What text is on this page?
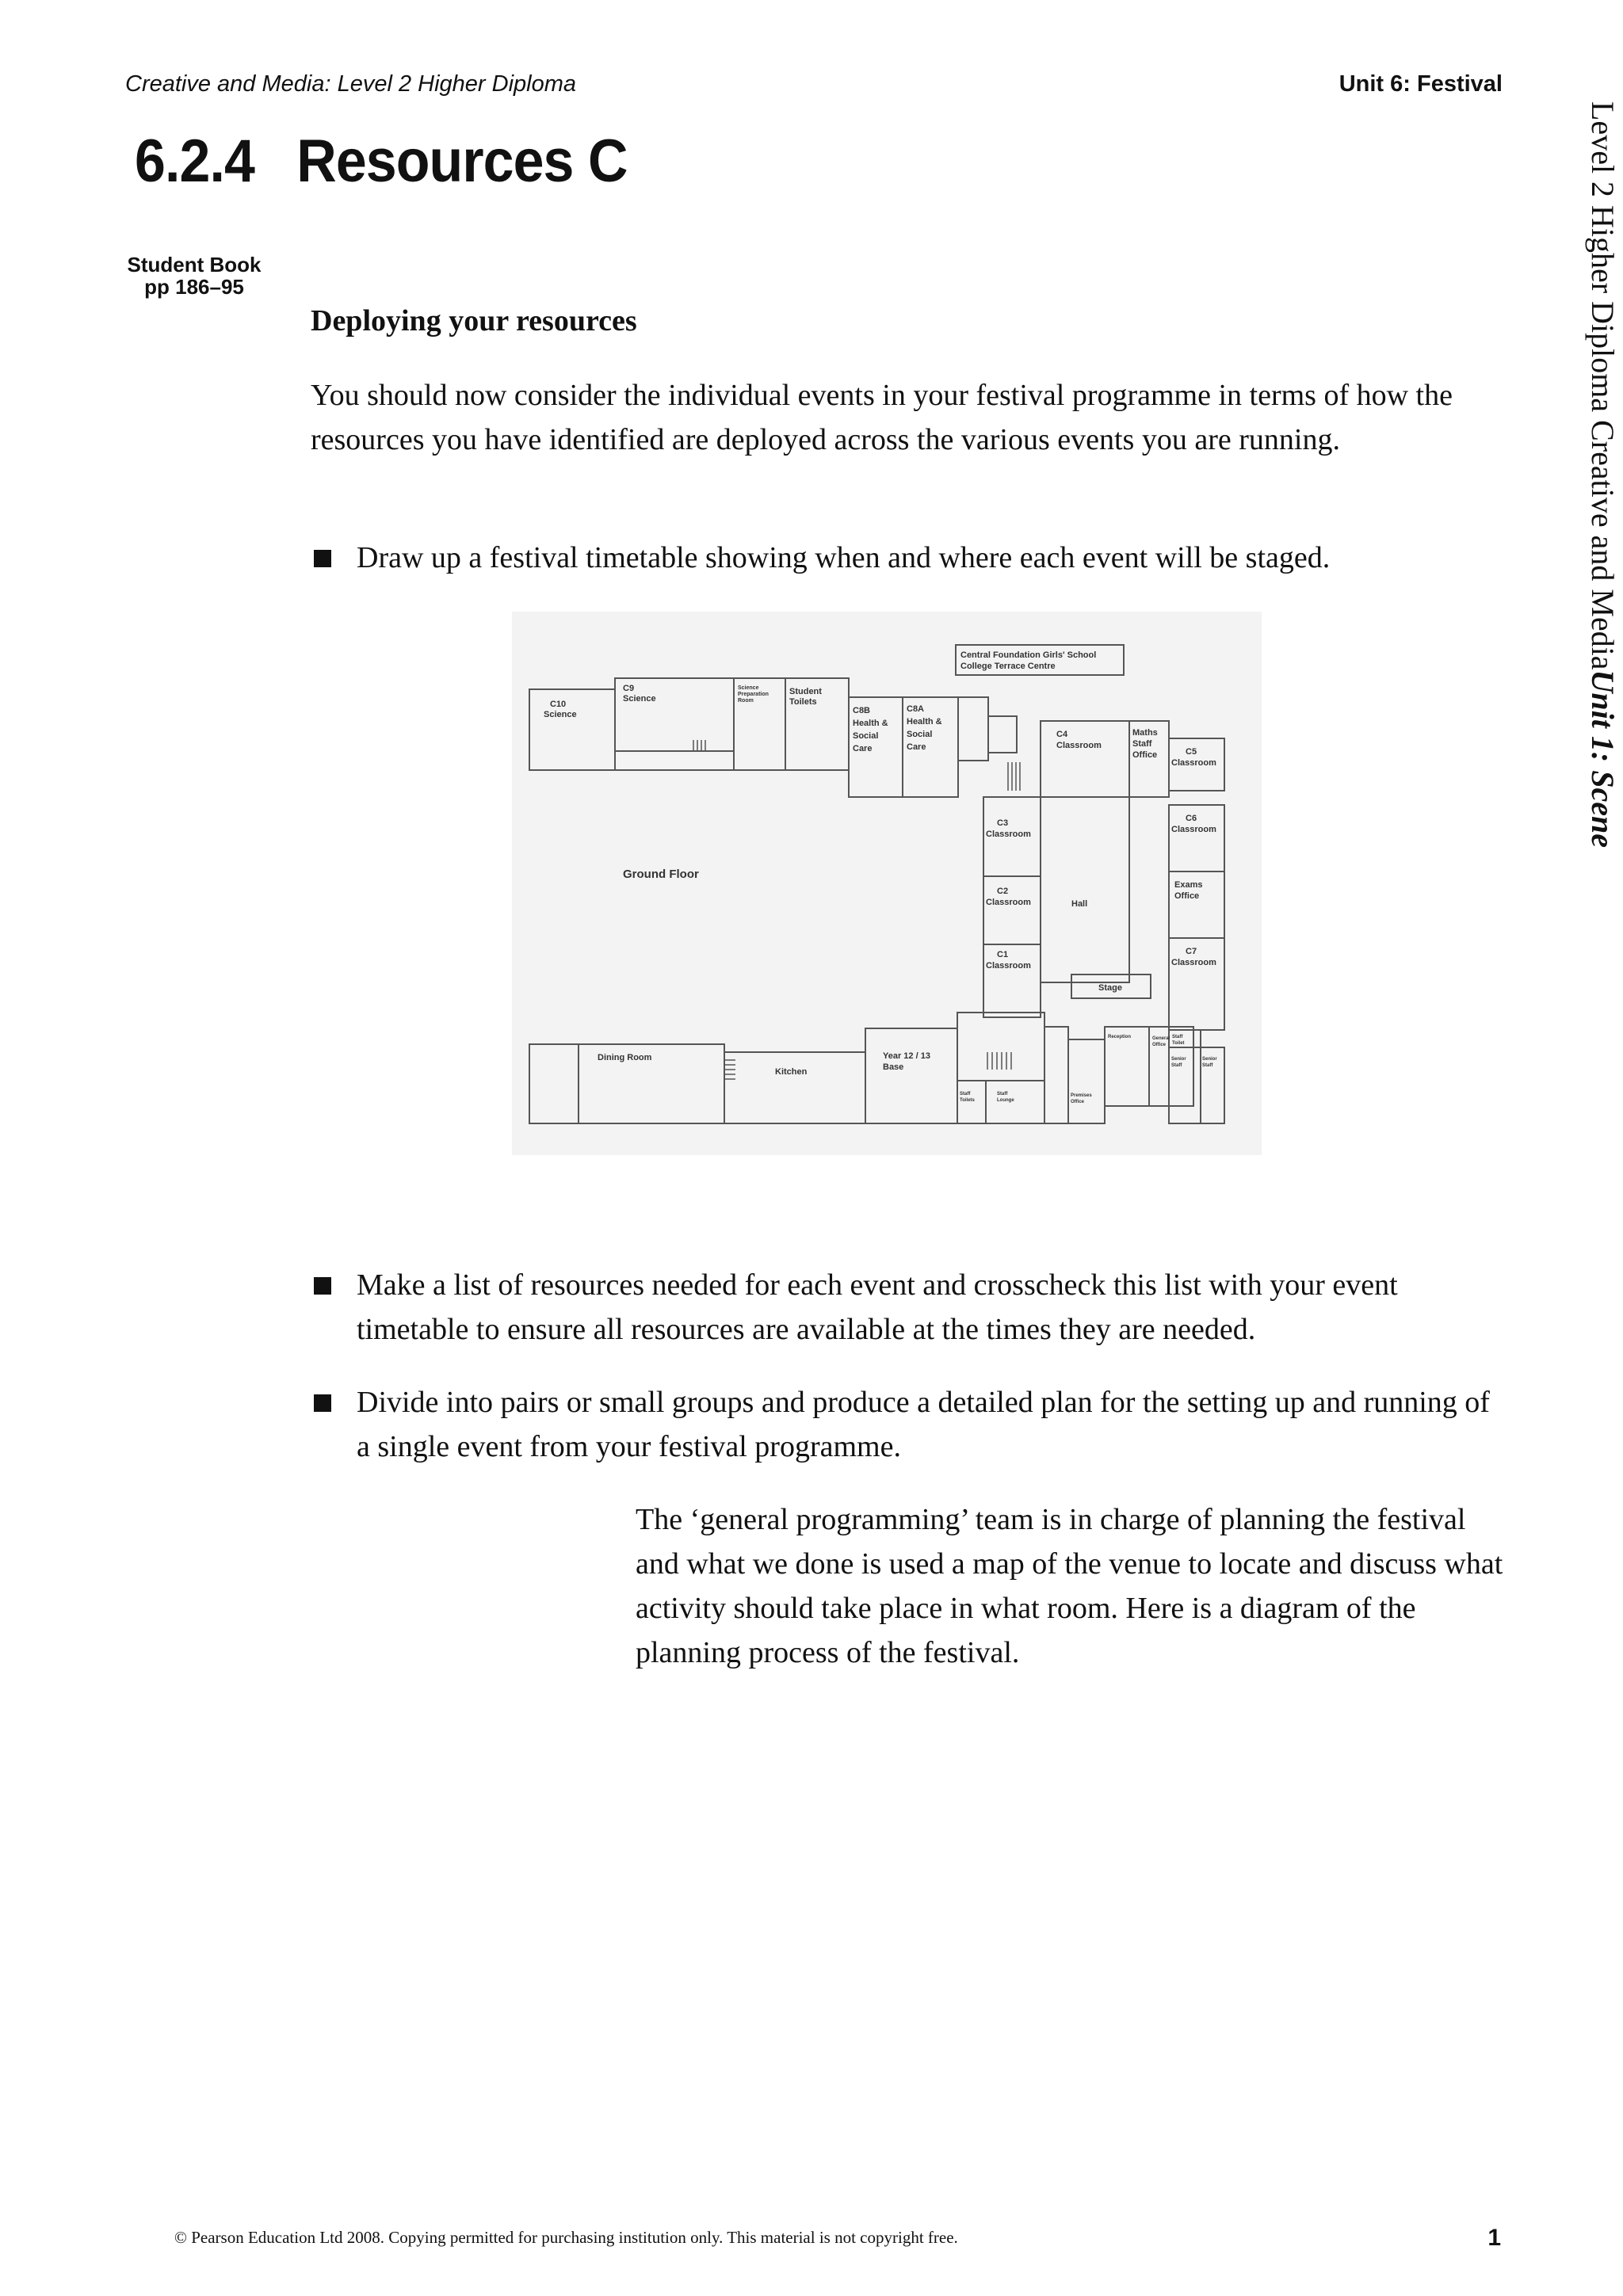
Creative and Media: Level 2 Higher Diploma	Unit 6: Festival
6.2.4 Resources C
Student Book
pp 186–95	Level 2 Higher Diploma Creative and MediaUnit 1: Scene
Deploying your resources
You should now consider the individual events in your festival programme in terms of how the resources you have identified are deployed across the various events you are running.
Draw up a festival timetable showing when and where each event will be staged.
Central Foundation Girls' School
College Terrace Centre
Ground Floor
C10
Science
C9
Science
Science
Preparation
Room
Student
Toilets
C8B
Health &
Social
Care
C8A
Health &
Social
Care
C4
Classroom
Maths
Staff
Office	C5
Classroom
C6
Classroom
Exams
Office
C7
Classroom
Staff
Toilet
C3
Classroom
C2
Classroom	Hall
C1
Classroom
Stage
Dining Room
Kitchen
Year 12 / 13
Base
Staff
Toilets
Staff
Lounge
Premises
Office
Reception	General
Office
Senior
Staff
Senior
Staff
Make a list of resources needed for each event and crosscheck this list with your event timetable to ensure all resources are available at the times they are needed.
Divide into pairs or small groups and produce a detailed plan for the setting up and running of a single event from your festival programme.
The ‘general programming’ team is in charge of planning the festival and what we done is used a map of the venue to locate and discuss what activity should take place in what room. Here is a diagram of the planning process of the festival.
© Pearson Education Ltd 2008. Copying permitted for purchasing institution only. This material is not copyright free.	1
